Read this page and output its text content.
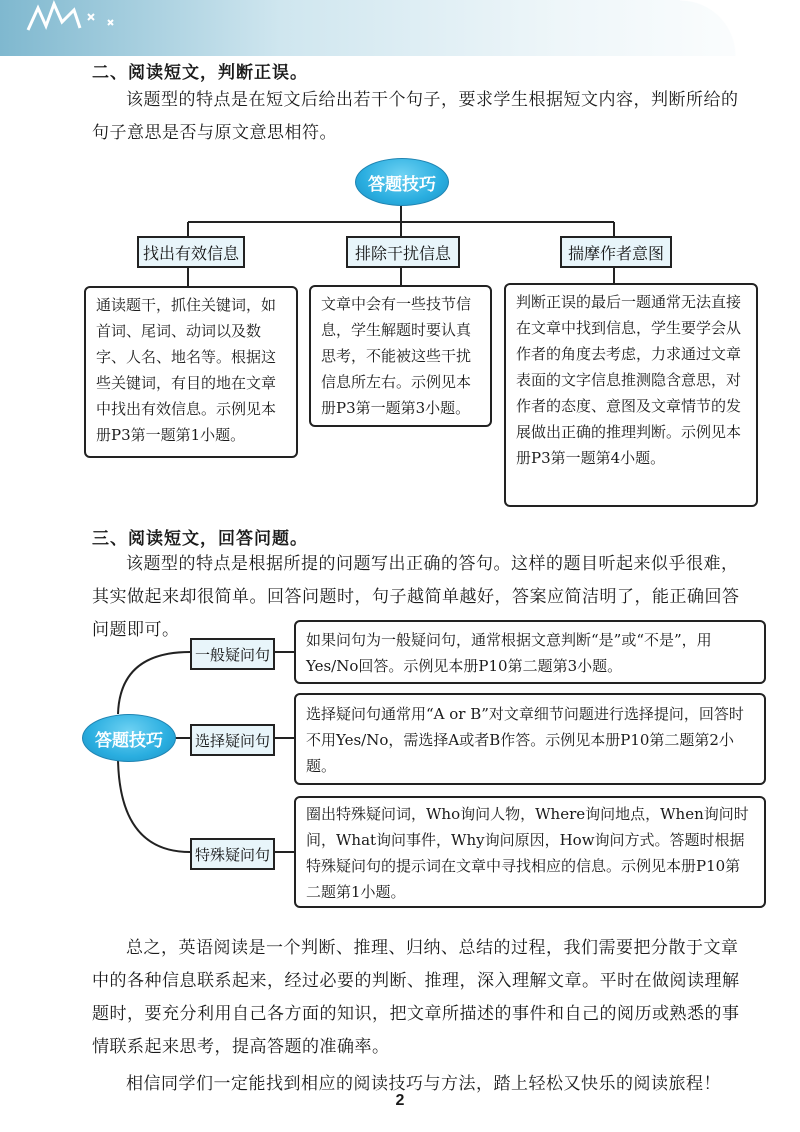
二、阅读短文，判断正误。

该题型的特点是在短文后给出若干个句子，要求学生根据短文内容，判断所给的句子意思是否与原文意思相符。

答题技巧
找出有效信息	排除干扰信息	揣摩作者意图
通读题干，抓住关键词，如首词、尾词、动词以及数字、人名、地名等。根据这些关键词，有目的地在文章中找出有效信息。示例见本册P3第一题第1小题。
文章中会有一些技节信息，学生解题时要认真思考，不能被这些干扰信息所左右。示例见本册P3第一题第3小题。
判断正误的最后一题通常无法直接在文章中找到信息，学生要学会从作者的角度去考虑，力求通过文章表面的文字信息推测隐含意思，对作者的态度、意图及文章情节的发展做出正确的推理判断。示例见本册P3第一题第4小题。
三、阅读短文，回答问题。

该题型的特点是根据所提的问题写出正确的答句。这样的题目听起来似乎很难，其实做起来却很简单。回答问题时，句子越简单越好，答案应简洁明了，能正确回答问题即可。

答题技巧
一般疑问句
选择疑问句
特殊疑问句
如果问句为一般疑问句，通常根据文意判断“是”或“不是”，用Yes/No回答。示例见本册P10第二题第3小题。
选择疑问句通常用“A or B”对文章细节问题进行选择提问，回答时不用Yes/No，需选择A或者B作答。示例见本册P10第二题第2小题。
圈出特殊疑问词，Who询问人物，Where询问地点，When询问时间，What询问事件，Why询问原因，How询问方式。答题时根据特殊疑问句的提示词在文章中寻找相应的信息。示例见本册P10第二题第1小题。

总之，英语阅读是一个判断、推理、归纳、总结的过程，我们需要把分散于文章中的各种信息联系起来，经过必要的判断、推理，深入理解文章。平时在做阅读理解题时，要充分利用自己各方面的知识，把文章所描述的事件和自己的阅历或熟悉的事情联系起来思考，提高答题的准确率。

相信同学们一定能找到相应的阅读技巧与方法，踏上轻松又快乐的阅读旅程！

2
